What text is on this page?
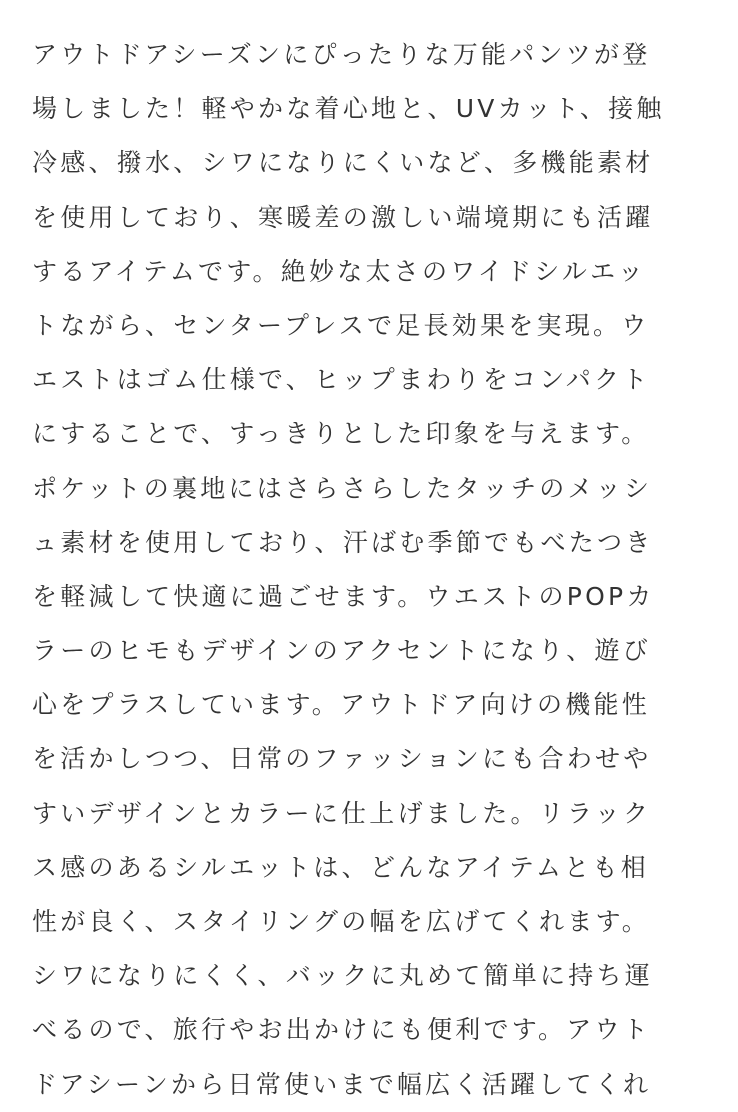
アウトドアシーズンにぴったりな万能パンツが登
場しました！軽やかな着心地と、UVカット、接触
冷感、撥水、シワになりにくいなど、多機能素材
を使用しており、寒暖差の激しい端境期にも活躍
するアイテムです。絶妙な太さのワイドシルエッ
トながら、センタープレスで足長効果を実現。ウ
エストはゴム仕様で、ヒップまわりをコンパクト
にすることで、すっきりとした印象を与えます。
ポケットの裏地にはさらさらしたタッチのメッシ
ュ素材を使用しており、汗ばむ季節でもべたつき
を軽減して快適に過ごせます。ウエストのPOPカ
ラーのヒモもデザインのアクセントになり、遊び
心をプラスしています。アウトドア向けの機能性
を活かしつつ、日常のファッションにも合わせや
すいデザインとカラーに仕上げました。リラック
ス感のあるシルエットは、どんなアイテムとも相
性が良く、スタイリングの幅を広げてくれます。
シワになりにくく、バックに丸めて簡単に持ち運
べるので、旅行やお出かけにも便利です。アウト
ドアシーンから日常使いまで幅広く活躍してくれ
